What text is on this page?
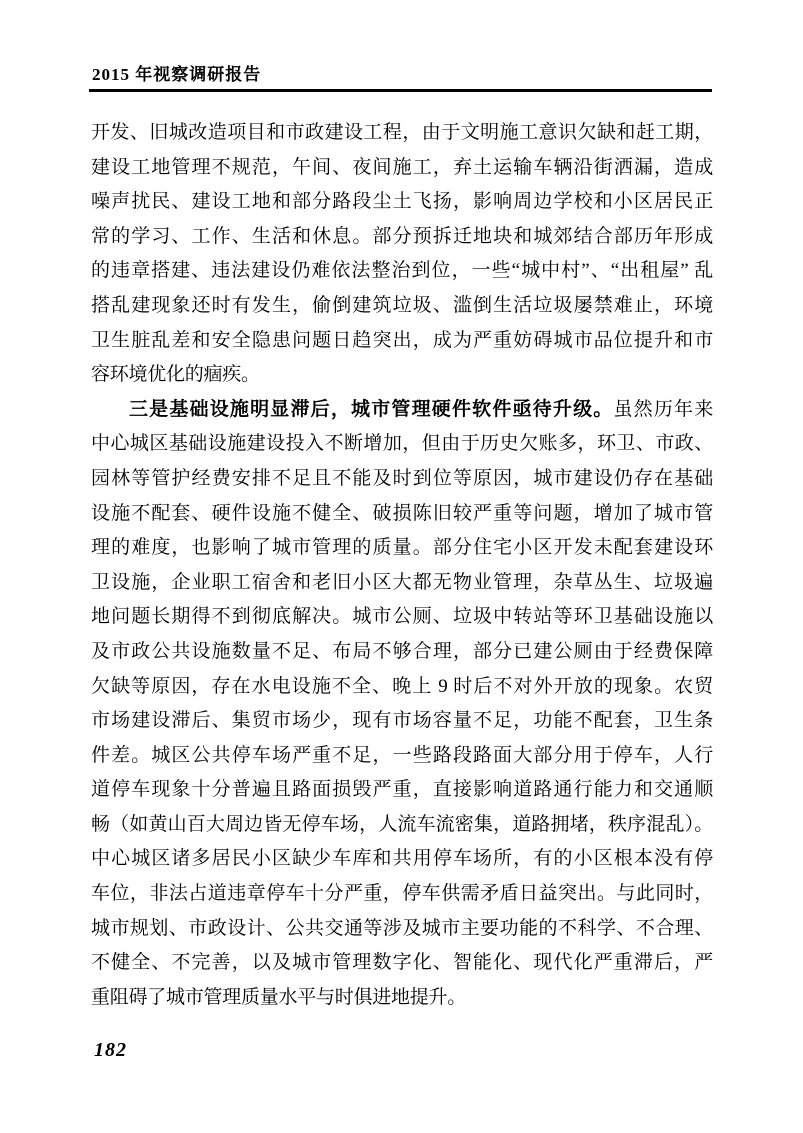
2015 年视察调研报告
开发、旧城改造项目和市政建设工程，由于文明施工意识欠缺和赶工期，
建设工地管理不规范，午间、夜间施工，弃土运输车辆沿街洒漏，造成
噪声扰民、建设工地和部分路段尘土飞扬，影响周边学校和小区居民正
常的学习、工作、生活和休息。部分预拆迁地块和城郊结合部历年形成
的违章搭建、违法建设仍难依法整治到位，一些“城中村”、“出租屋” 乱
搭乱建现象还时有发生，偷倒建筑垃圾、滥倒生活垃圾屡禁难止，环境
卫生脏乱差和安全隐患问题日趋突出，成为严重妨碍城市品位提升和市
容环境优化的痼疾。
三是基础设施明显滞后，城市管理硬件软件亟待升级。虽然历年来
中心城区基础设施建设投入不断增加，但由于历史欠账多，环卫、市政、
园林等管护经费安排不足且不能及时到位等原因，城市建设仍存在基础
设施不配套、硬件设施不健全、破损陈旧较严重等问题，增加了城市管
理的难度，也影响了城市管理的质量。部分住宅小区开发未配套建设环
卫设施，企业职工宿舍和老旧小区大都无物业管理，杂草丛生、垃圾遍
地问题长期得不到彻底解决。城市公厕、垃圾中转站等环卫基础设施以
及市政公共设施数量不足、布局不够合理，部分已建公厕由于经费保障
欠缺等原因，存在水电设施不全、晚上 9 时后不对外开放的现象。农贸
市场建设滞后、集贸市场少，现有市场容量不足，功能不配套，卫生条
件差。城区公共停车场严重不足，一些路段路面大部分用于停车，人行
道停车现象十分普遍且路面损毁严重，直接影响道路通行能力和交通顺
畅（如黄山百大周边皆无停车场，人流车流密集，道路拥堵，秩序混乱）。
中心城区诸多居民小区缺少车库和共用停车场所，有的小区根本没有停
车位，非法占道违章停车十分严重，停车供需矛盾日益突出。与此同时，
城市规划、市政设计、公共交通等涉及城市主要功能的不科学、不合理、
不健全、不完善，以及城市管理数字化、智能化、现代化严重滞后，严
重阻碍了城市管理质量水平与时俱进地提升。
182
